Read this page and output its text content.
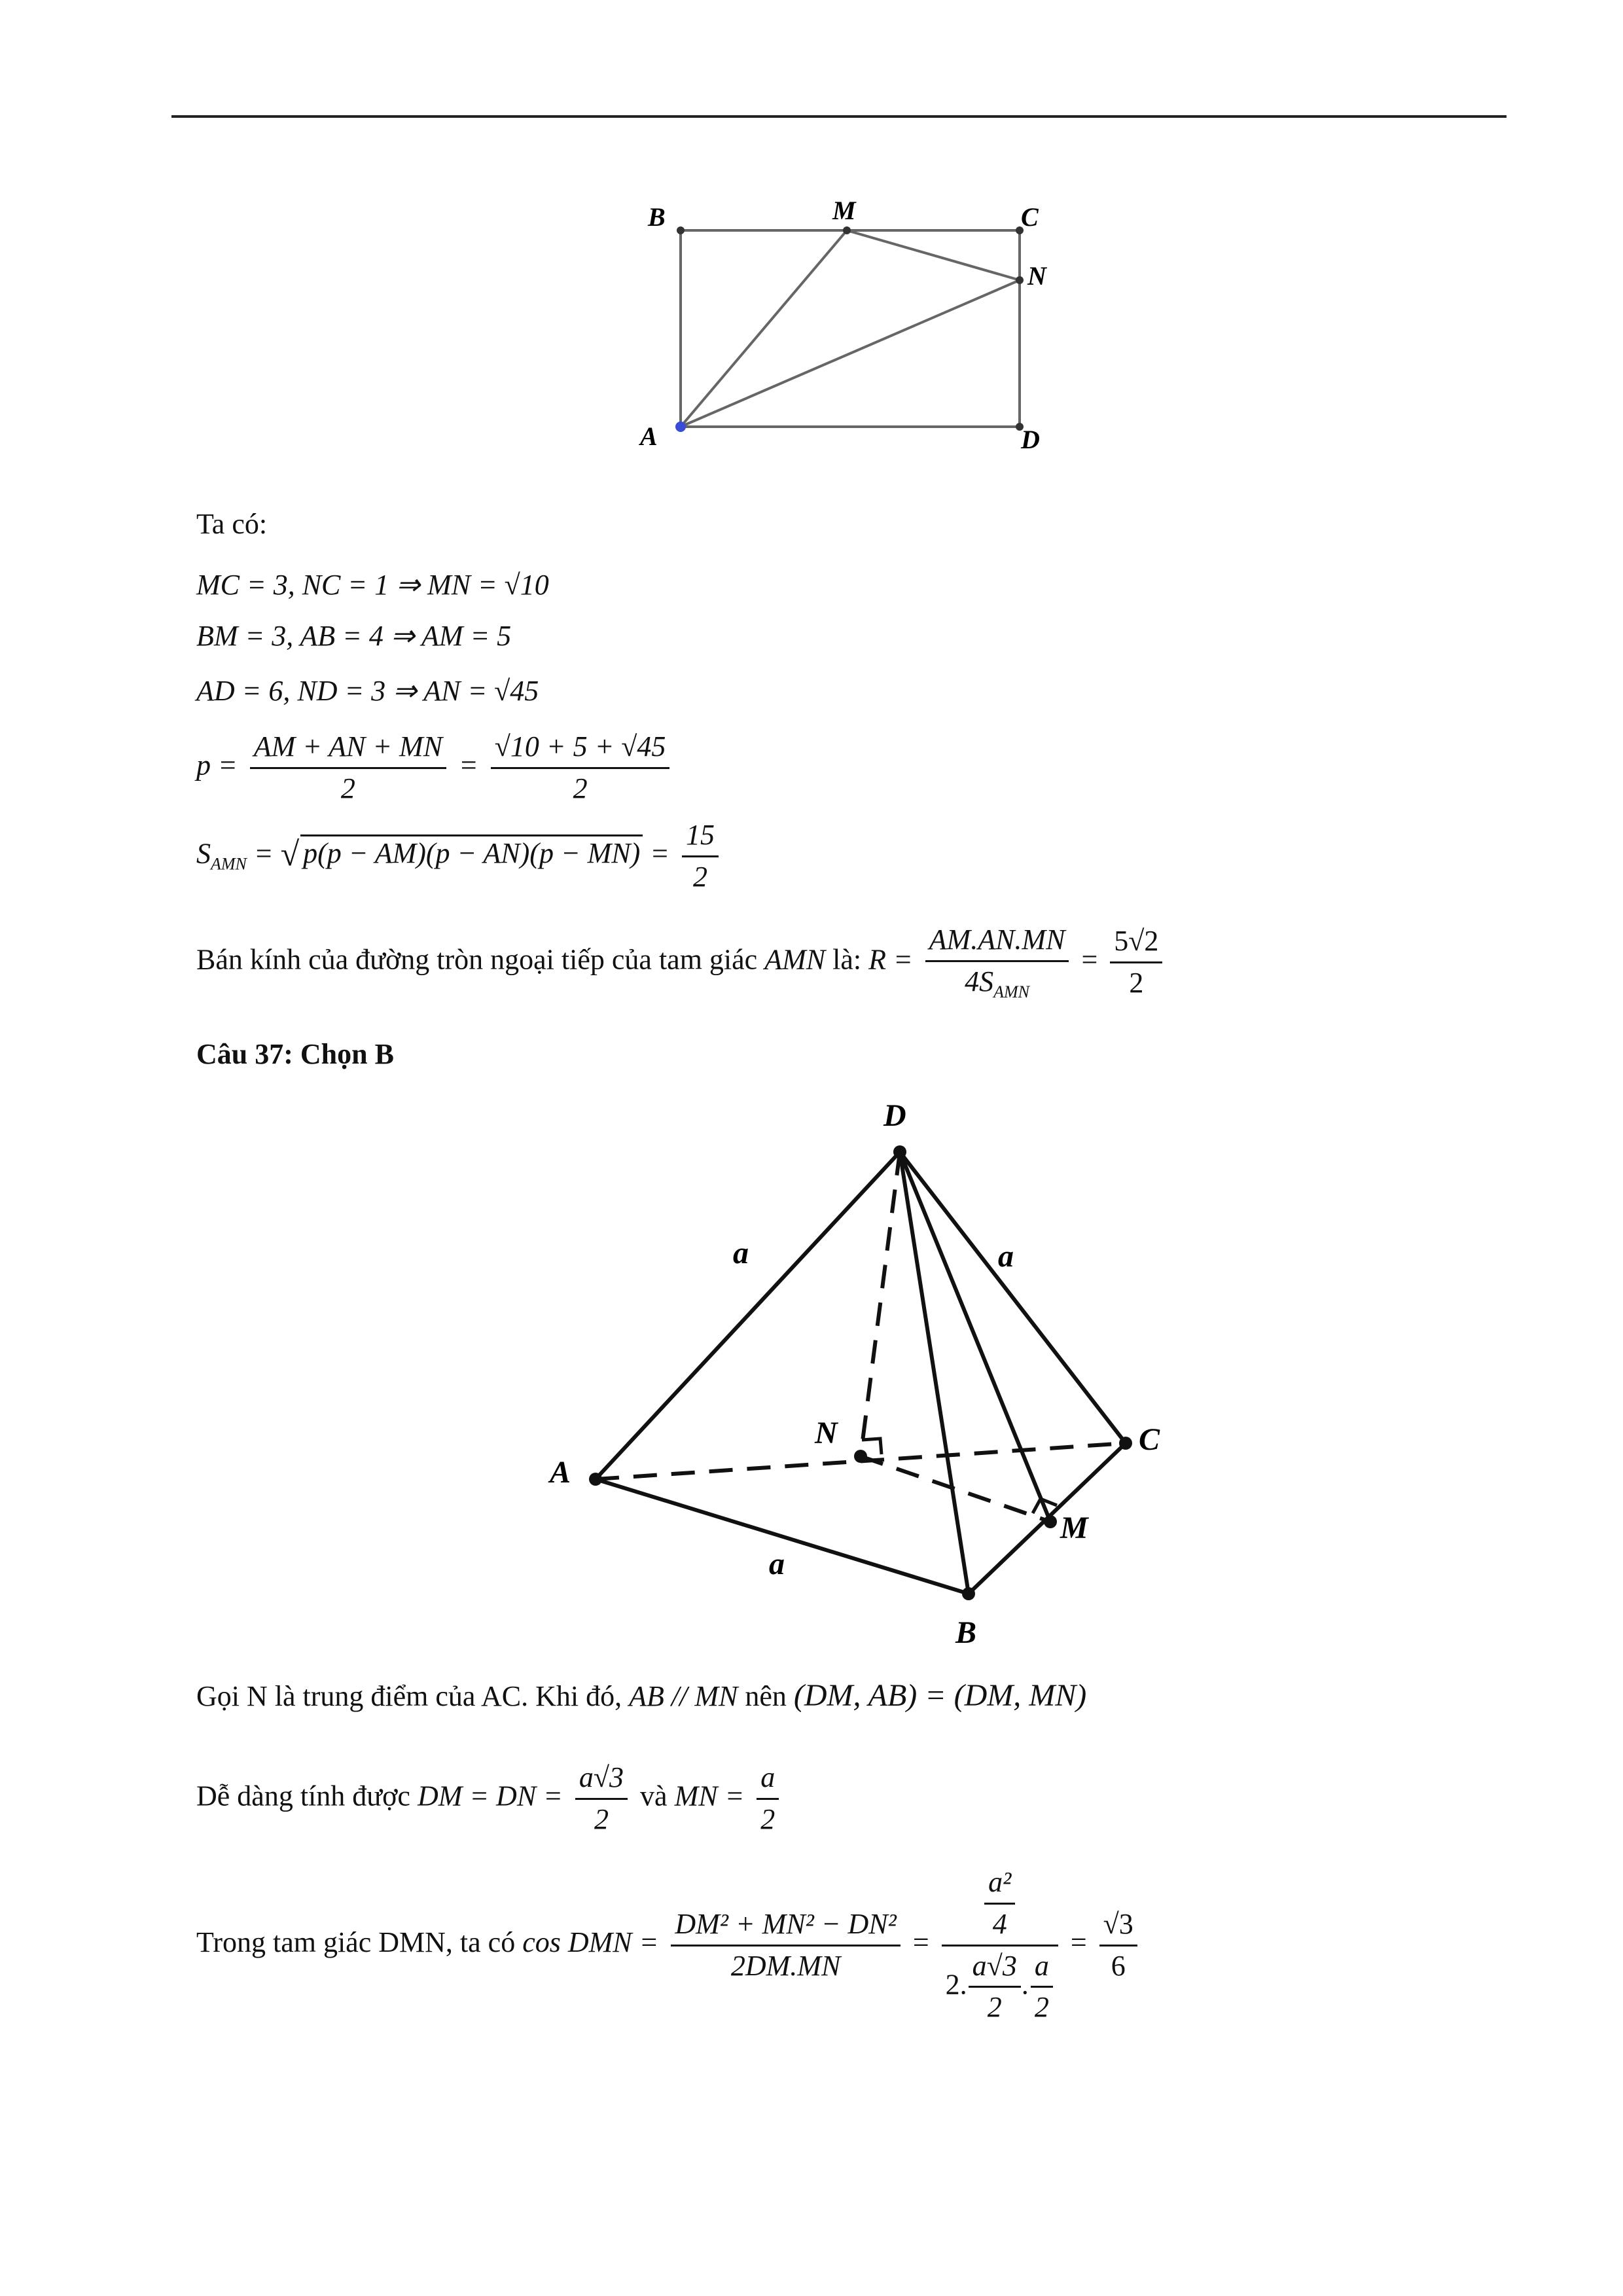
B	M	C
N
A	D
Ta có:
MC = 3, NC = 1 ⇒ MN = √10
BM = 3, AB = 4 ⇒ AM = 5
AD = 6, ND = 3 ⇒ AN = √45
$p = \frac{AM + AN + MN}{2} = \frac{√10 + 5 + √45}{2}$
$S_{AMN}$ = √ $p(p - AM)(p - AN)(p - MN) = \frac{15}{2}$
Bán kính của đường tròn ngoại tiếp của tam giác AMN là: $R = \frac{AM.AN.MN}{4S_{AMN}} = \frac{5√2}{2}$
Câu 37: Chọn B
D
A
C
B
M
N
a	a
a
Gọi N là trung điểm của AC. Khi đó, AB // MN nên (DM, AB) = (DM, MN)
Dễ dàng tính được DM = DN = $\frac{a√3}{2}$ và MN = $\frac{a}{2}$
Trong tam giác DMN, ta có cos DMN = $\frac{\text{DM² + MN² − DN²}}{2DM.MN} = \frac{\frac{\text{a²}}{4}}{2. \frac{a√3}{2} . \frac{a}{2}} = \frac{√3}{6}$
